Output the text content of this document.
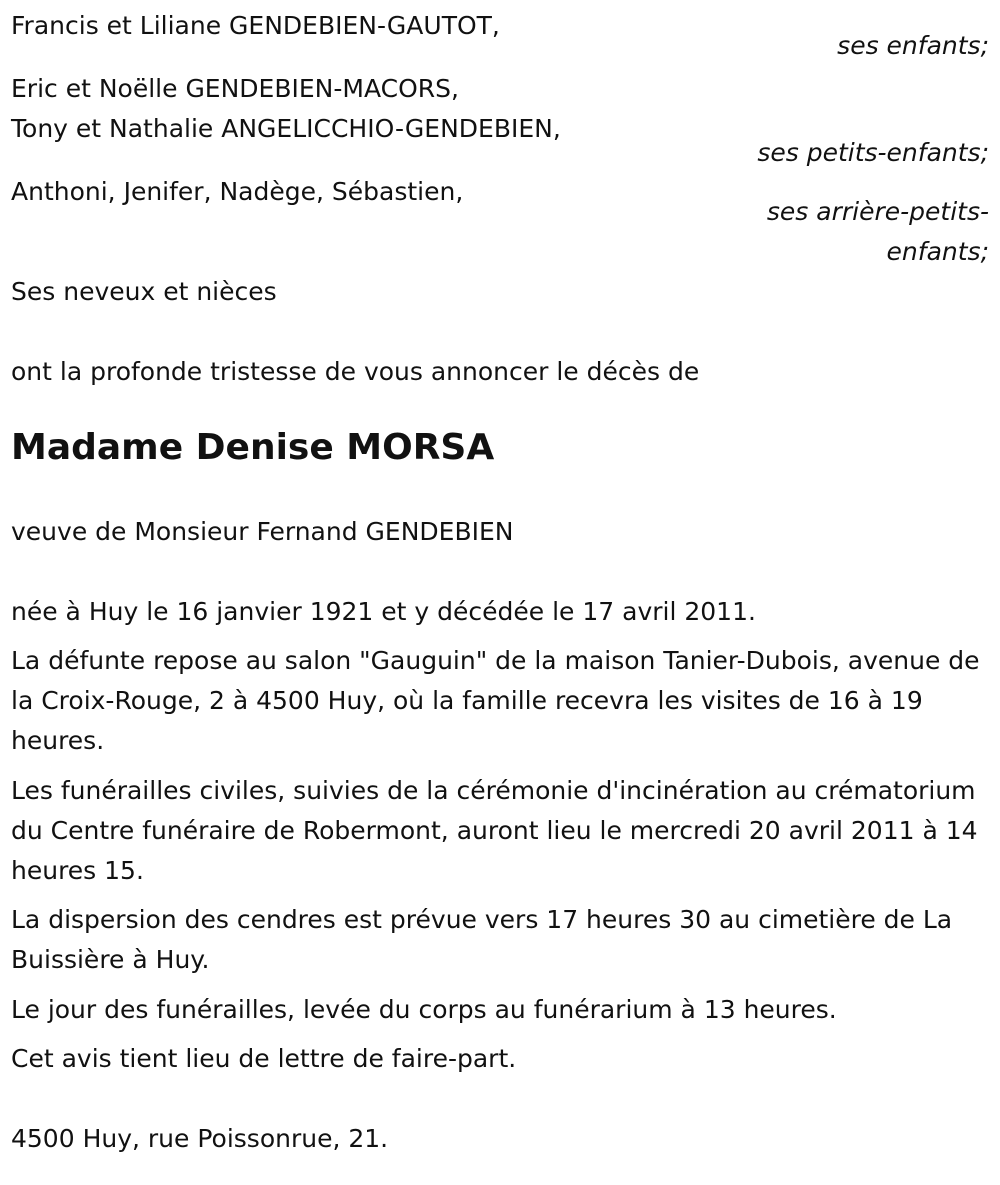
Francis et Liliane GENDEBIEN-GAUTOT,

ses enfants;

Eric et Noëlle GENDEBIEN-MACORS,

Tony et Nathalie ANGELICCHIO-GENDEBIEN,

ses petits-enfants;

Anthoni, Jenifer, Nadège, Sébastien,

ses arrière-petits-

enfants;

Ses neveux et nièces

ont la profonde tristesse de vous annoncer le décès de

Madame Denise MORSA

veuve de Monsieur Fernand GENDEBIEN

née à Huy le 16 janvier 1921 et y décédée le 17 avril 2011.

La défunte repose au salon "Gauguin" de la maison Tanier-Dubois, avenue de la Croix-Rouge, 2 à 4500 Huy, où la famille recevra les visites de 16 à 19 heures.

Les funérailles civiles, suivies de la cérémonie d'incinération au crématorium du Centre funéraire de Robermont, auront lieu le mercredi 20 avril 2011 à 14 heures 15.

La dispersion des cendres est prévue vers 17 heures 30 au cimetière de La Buissière à Huy.

Le jour des funérailles, levée du corps au funérarium à 13 heures.

Cet avis tient lieu de lettre de faire-part.

4500 Huy, rue Poissonrue, 21.
